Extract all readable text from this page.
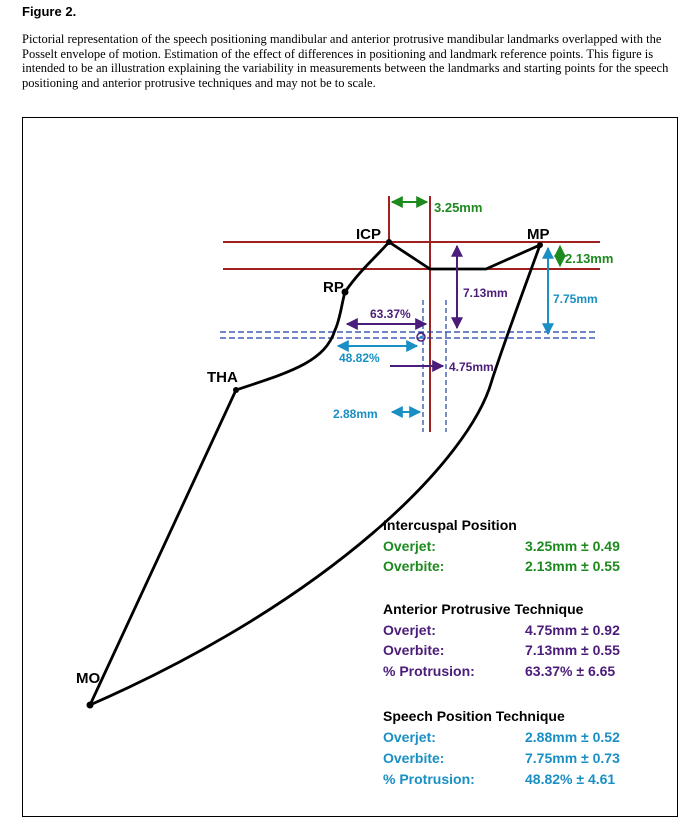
Figure 2.
Pictorial representation of the speech positioning mandibular and anterior protrusive mandibular landmarks overlapped with the Posselt envelope of motion. Estimation of the effect of differences in positioning and landmark reference points. This figure is intended to be an illustration explaining the variability in measurements between the landmarks and starting points for the speech positioning and anterior protrusive techniques and may not be to scale.
ICP	MP
RP
THA
MO
3.25mm
2.13mm
7.13mm	7.75mm
63.37%
48.82%
4.75mm
2.88mm
Intercuspal Position
Overjet:	3.25mm ± 0.49
Overbite:	2.13mm ± 0.55
Anterior Protrusive Technique
Overjet:	4.75mm ± 0.92
Overbite:	7.13mm ± 0.55
% Protrusion:	63.37% ± 6.65
Speech Position Technique
Overjet:	2.88mm ± 0.52
Overbite:	7.75mm ± 0.73
% Protrusion:	48.82% ± 4.61
